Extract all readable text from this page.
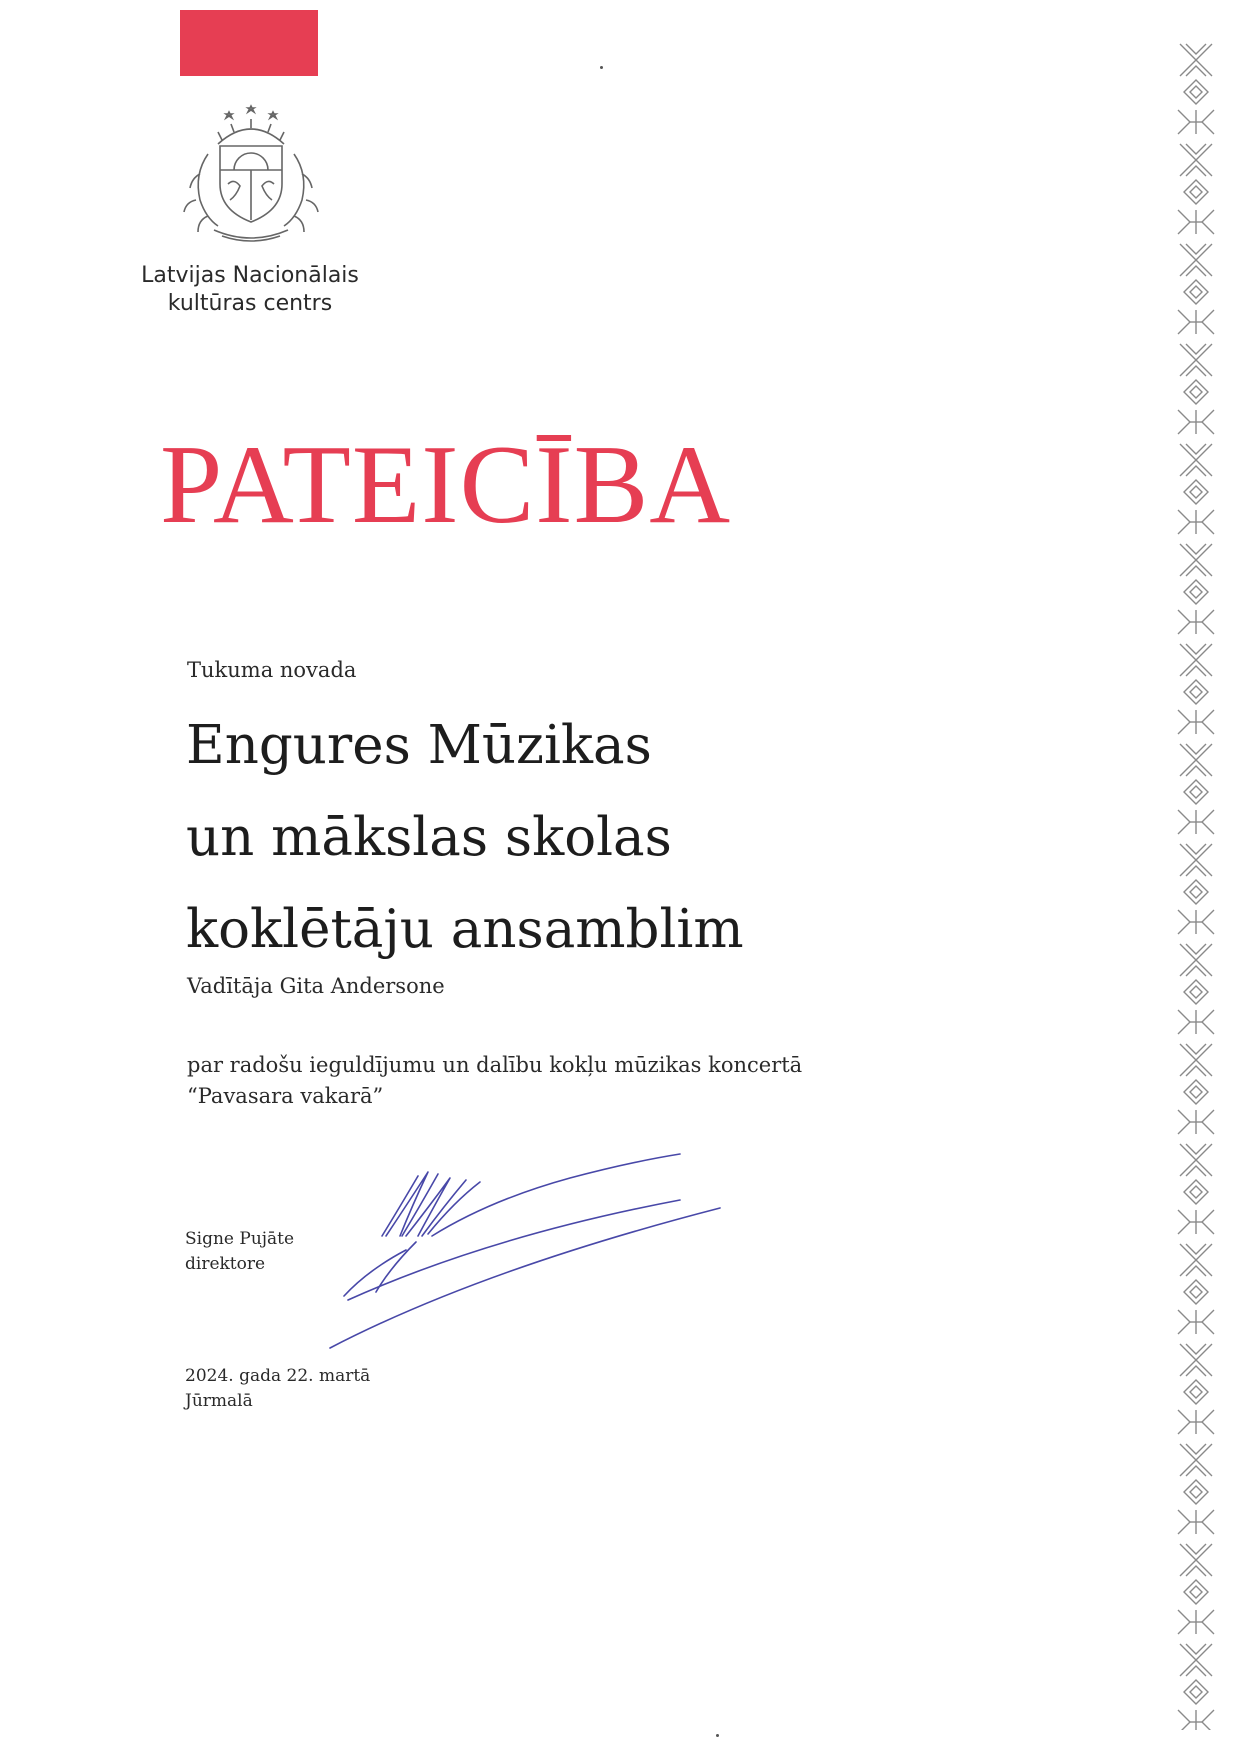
Latvijas Nacionālais
kultūras centrs
PATEICĪBA
Tukuma novada
Engures Mūzikas
un mākslas skolas
koklētāju ansamblim
Vadītāja Gita Andersone
par radošu ieguldījumu un dalību kokļu mūzikas koncertā
“Pavasara vakarā”
Signe Pujāte
direktore
2024. gada 22. martā
Jūrmalā
